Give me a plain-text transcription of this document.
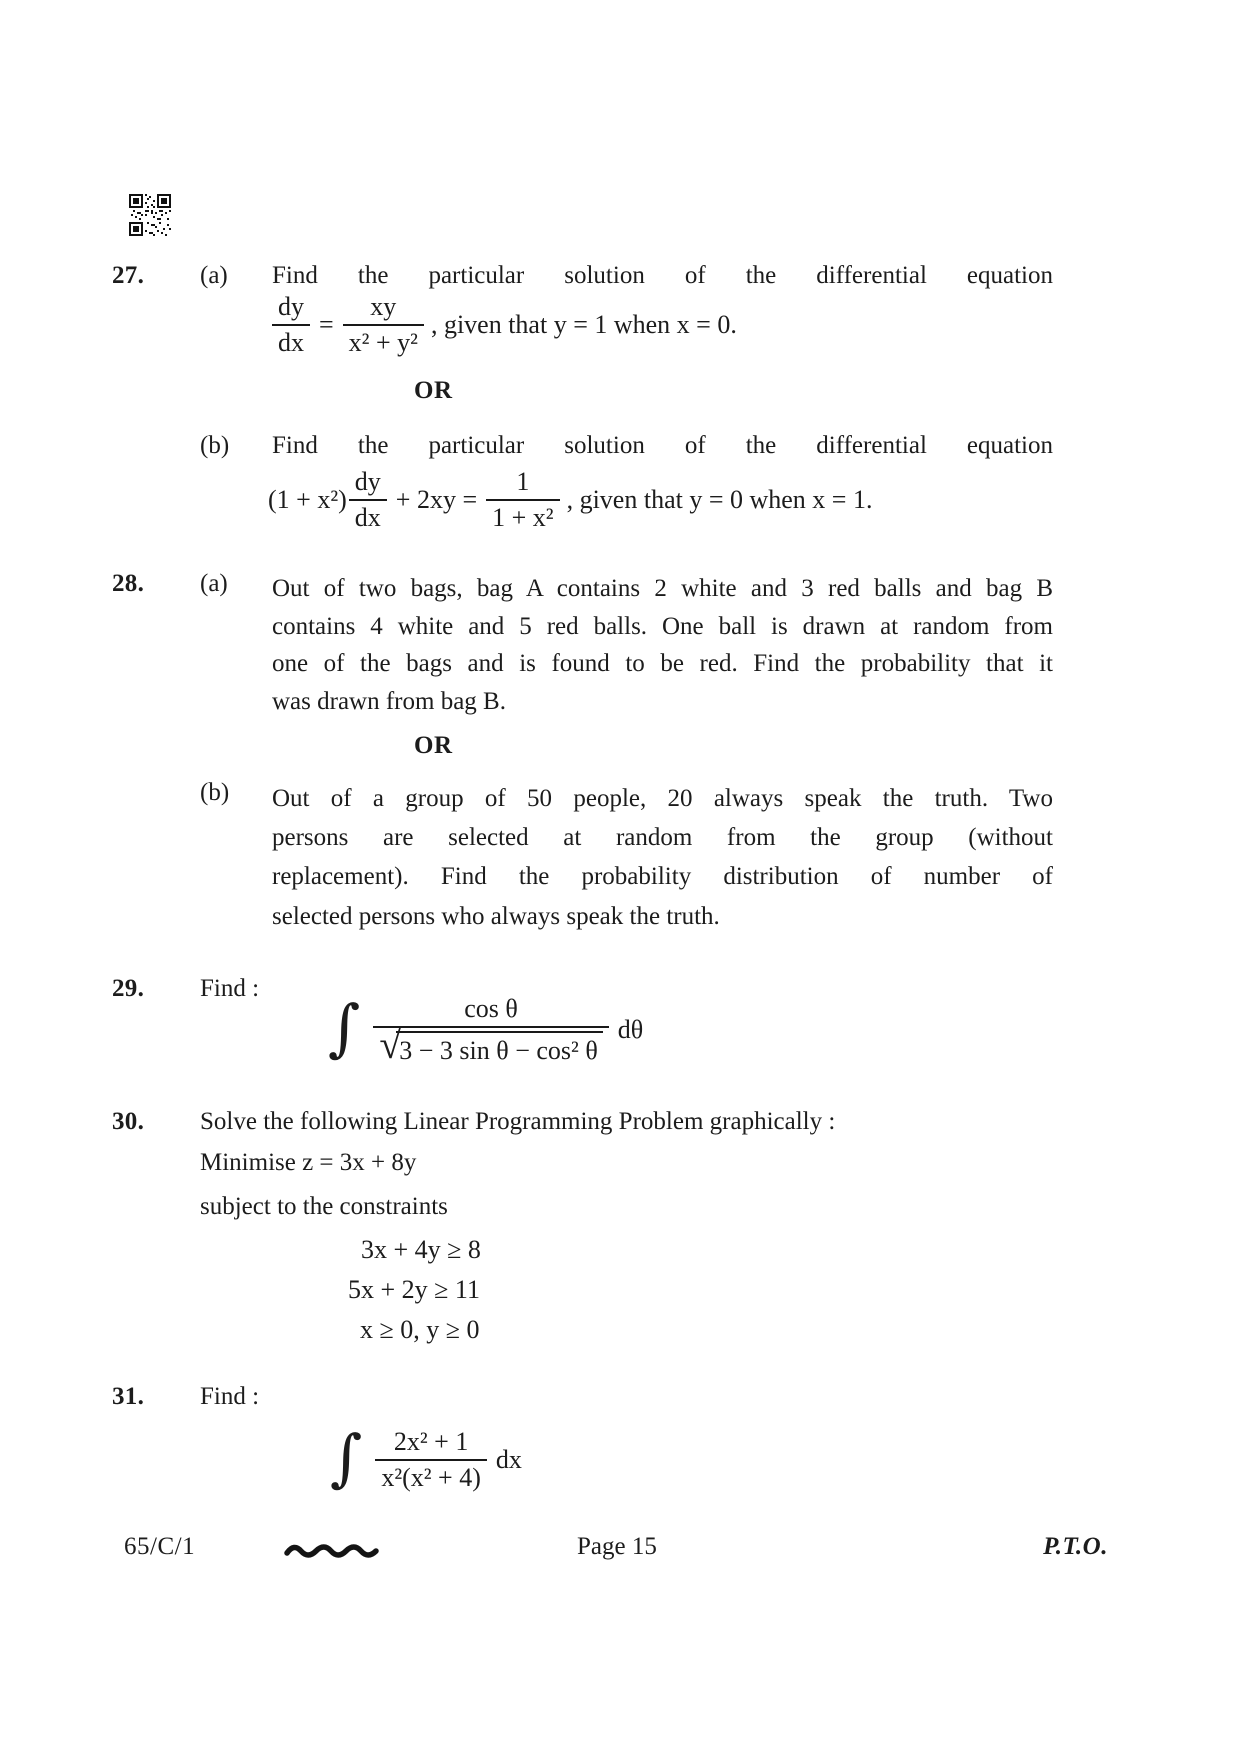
27. (a) Find the particular solution of the differential equation
$\frac{dy}{dx} = \frac{xy}{\text{x² + y²}}$ , given that y = 1 when x = 0.
OR
(b) Find the particular solution of the differential equation
$(1 + x^2) \frac{dy}{dx} + 2xy = \frac{1}{\text{1 + x²}}$ , given that y = 0 when x = 1.
28. (a) Out of two bags, bag A contains 2 white and 3 red balls and bag B
contains 4 white and 5 red balls. One ball is drawn at random from
one of the bags and is found to be red. Find the probability that it
was drawn from bag B.
OR
(b) Out of a group of 50 people, 20 always speak the truth. Two
persons are selected at random from the group (without
replacement). Find the probability distribution of number of
selected persons who always speak the truth.
29. Find :
∫ cos θ
√
3 − 3 sin θ − cos² θ dθ
30. Solve the following Linear Programming Problem graphically :
Minimise z = 3x + 8y
subject to the constraints
3x + 4y ≥ 8
5x + 2y ≥ 11
x ≥ 0, y ≥ 0
31. Find :
∫ $\frac{\text{2x² + 1}}{\text{x²(x² + 4)}}$ dx
65/C/1	Page 15	P.T.O.
